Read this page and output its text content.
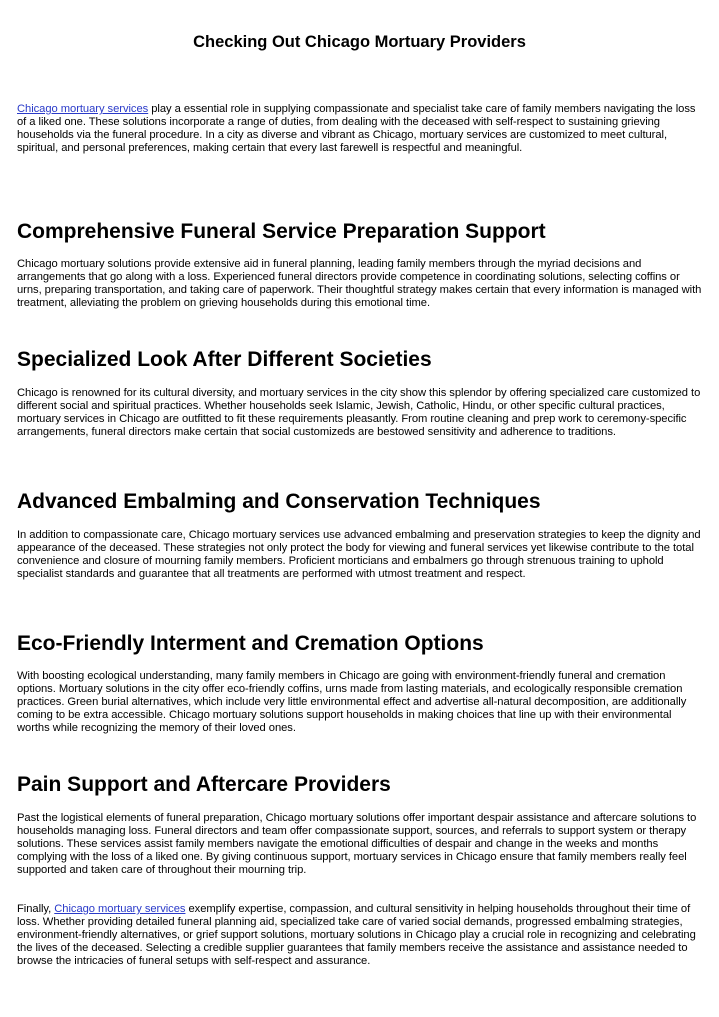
Checking Out Chicago Mortuary Providers

Chicago mortuary services play a essential role in supplying compassionate and specialist take care of family members navigating the loss of a liked one. These solutions incorporate a range of duties, from dealing with the deceased with self-respect to sustaining grieving households via the funeral procedure. In a city as diverse and vibrant as Chicago, mortuary services are customized to meet cultural, spiritual, and personal preferences, making certain that every last farewell is respectful and meaningful.

Comprehensive Funeral Service Preparation Support

Chicago mortuary solutions provide extensive aid in funeral planning, leading family members through the myriad decisions and arrangements that go along with a loss. Experienced funeral directors provide competence in coordinating solutions, selecting coffins or urns, preparing transportation, and taking care of paperwork. Their thoughtful strategy makes certain that every information is managed with treatment, alleviating the problem on grieving households during this emotional time.

Specialized Look After Different Societies

Chicago is renowned for its cultural diversity, and mortuary services in the city show this splendor by offering specialized care customized to different social and spiritual practices. Whether households seek Islamic, Jewish, Catholic, Hindu, or other specific cultural practices, mortuary services in Chicago are outfitted to fit these requirements pleasantly. From routine cleaning and prep work to ceremony-specific arrangements, funeral directors make certain that social customizeds are bestowed sensitivity and adherence to traditions.

Advanced Embalming and Conservation Techniques

In addition to compassionate care, Chicago mortuary services use advanced embalming and preservation strategies to keep the dignity and appearance of the deceased. These strategies not only protect the body for viewing and funeral services yet likewise contribute to the total convenience and closure of mourning family members. Proficient morticians and embalmers go through strenuous training to uphold specialist standards and guarantee that all treatments are performed with utmost treatment and respect.

Eco-Friendly Interment and Cremation Options

With boosting ecological understanding, many family members in Chicago are going with environment-friendly funeral and cremation options. Mortuary solutions in the city offer eco-friendly coffins, urns made from lasting materials, and ecologically responsible cremation practices. Green burial alternatives, which include very little environmental effect and advertise all-natural decomposition, are additionally coming to be extra accessible. Chicago mortuary solutions support households in making choices that line up with their environmental worths while recognizing the memory of their loved ones.

Pain Support and Aftercare Providers

Past the logistical elements of funeral preparation, Chicago mortuary solutions offer important despair assistance and aftercare solutions to households managing loss. Funeral directors and team offer compassionate support, sources, and referrals to support system or therapy solutions. These services assist family members navigate the emotional difficulties of despair and change in the weeks and months complying with the loss of a liked one. By giving continuous support, mortuary services in Chicago ensure that family members really feel supported and taken care of throughout their mourning trip.

Finally, Chicago mortuary services exemplify expertise, compassion, and cultural sensitivity in helping households throughout their time of loss. Whether providing detailed funeral planning aid, specialized take care of varied social demands, progressed embalming strategies, environment-friendly alternatives, or grief support solutions, mortuary solutions in Chicago play a crucial role in recognizing and celebrating the lives of the deceased. Selecting a credible supplier guarantees that family members receive the assistance and assistance needed to browse the intricacies of funeral setups with self-respect and assurance.
